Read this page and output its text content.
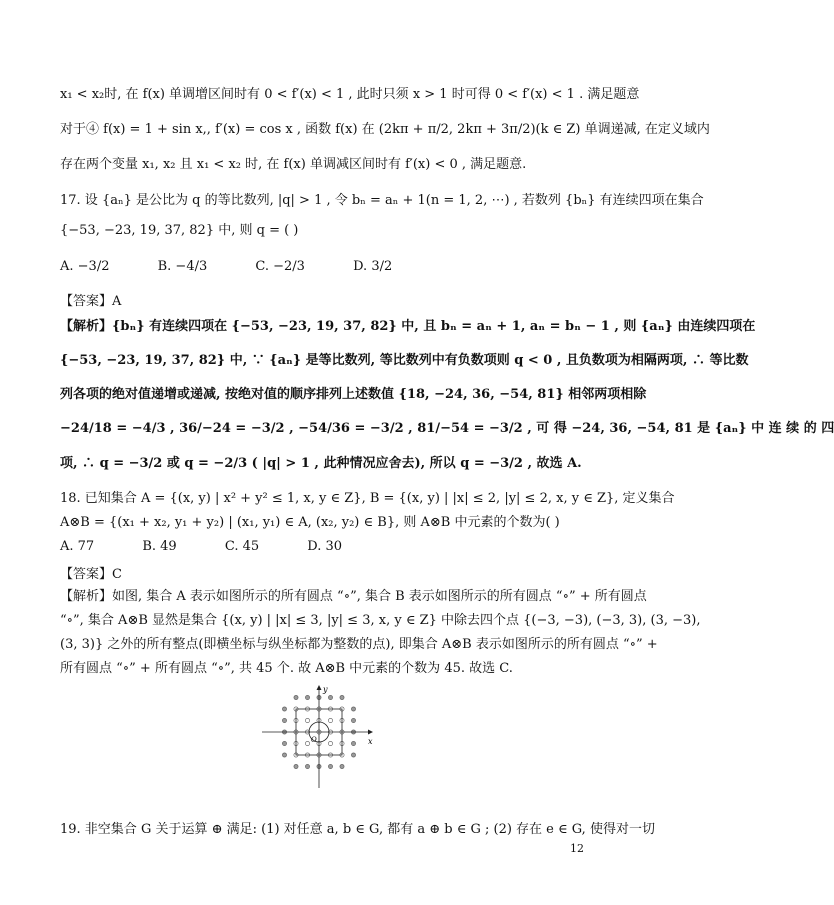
x₁ < x₂时, 在 f(x) 单调增区间时有 0 < f′(x) < 1 , 此时只须 x > 1 时可得 0 < f′(x) < 1 . 满足题意
对于④ f(x) = 1 + sin x,, f′(x) = cos x , 函数 f(x) 在 (2kπ + π/2, 2kπ + 3π/2)(k ∈ Z) 单调递减, 在定义域内
存在两个变量 x₁, x₂ 且 x₁ < x₂ 时, 在 f(x) 单调减区间时有 f′(x) < 0 , 满足题意.
17. 设 {aₙ} 是公比为 q 的等比数列, |q| > 1 , 令 bₙ = aₙ + 1(n = 1, 2, ⋯) , 若数列 {bₙ} 有连续四项在集合
{−53, −23, 19, 37, 82} 中, 则 q = ( )
A. −3/2	B. −4/3	C. −2/3	D. 3/2
【答案】A
【解析】{bₙ} 有连续四项在 {−53, −23, 19, 37, 82} 中, 且 bₙ = aₙ + 1, aₙ = bₙ − 1 , 则 {aₙ} 由连续四项在
{−53, −23, 19, 37, 82} 中, ∵ {aₙ} 是等比数列, 等比数列中有负数项则 q < 0 , 且负数项为相隔两项, ∴ 等比数
列各项的绝对值递增或递减, 按绝对值的顺序排列上述数值 {18, −24, 36, −54, 81} 相邻两项相除
−24/18 = −4/3 , 36/−24 = −3/2 , −54/36 = −3/2 , 81/−54 = −3/2 , 可 得 −24, 36, −54, 81 是 {aₙ} 中 连 续 的 四
项, ∴ q = −3/2 或 q = −2/3 ( |q| > 1 , 此种情况应舍去), 所以 q = −3/2 , 故选 A.
18. 已知集合 A = {(x, y) | x² + y² ≤ 1, x, y ∈ Z}, B = {(x, y) | |x| ≤ 2, |y| ≤ 2, x, y ∈ Z}, 定义集合
A⊗B = {(x₁ + x₂, y₁ + y₂) | (x₁, y₁) ∈ A, (x₂, y₂) ∈ B}, 则 A⊗B 中元素的个数为( )
A. 77	B. 49	C. 45	D. 30
【答案】C
【解析】如图, 集合 A 表示如图所示的所有圆点 “∘”, 集合 B 表示如图所示的所有圆点 “∘” + 所有圆点
“∘”, 集合 A⊗B 显然是集合 {(x, y) | |x| ≤ 3, |y| ≤ 3, x, y ∈ Z} 中除去四个点 {(−3, −3), (−3, 3), (3, −3),
(3, 3)} 之外的所有整点(即横坐标与纵坐标都为整数的点), 即集合 A⊗B 表示如图所示的所有圆点 “∘” +
所有圆点 “∘” + 所有圆点 “∘”, 共 45 个. 故 A⊗B 中元素的个数为 45. 故选 C.
y
x
O
19. 非空集合 G 关于运算 ⊕ 满足: (1) 对任意 a, b ∈ G, 都有 a ⊕ b ∈ G ; (2) 存在 e ∈ G, 使得对一切
12
